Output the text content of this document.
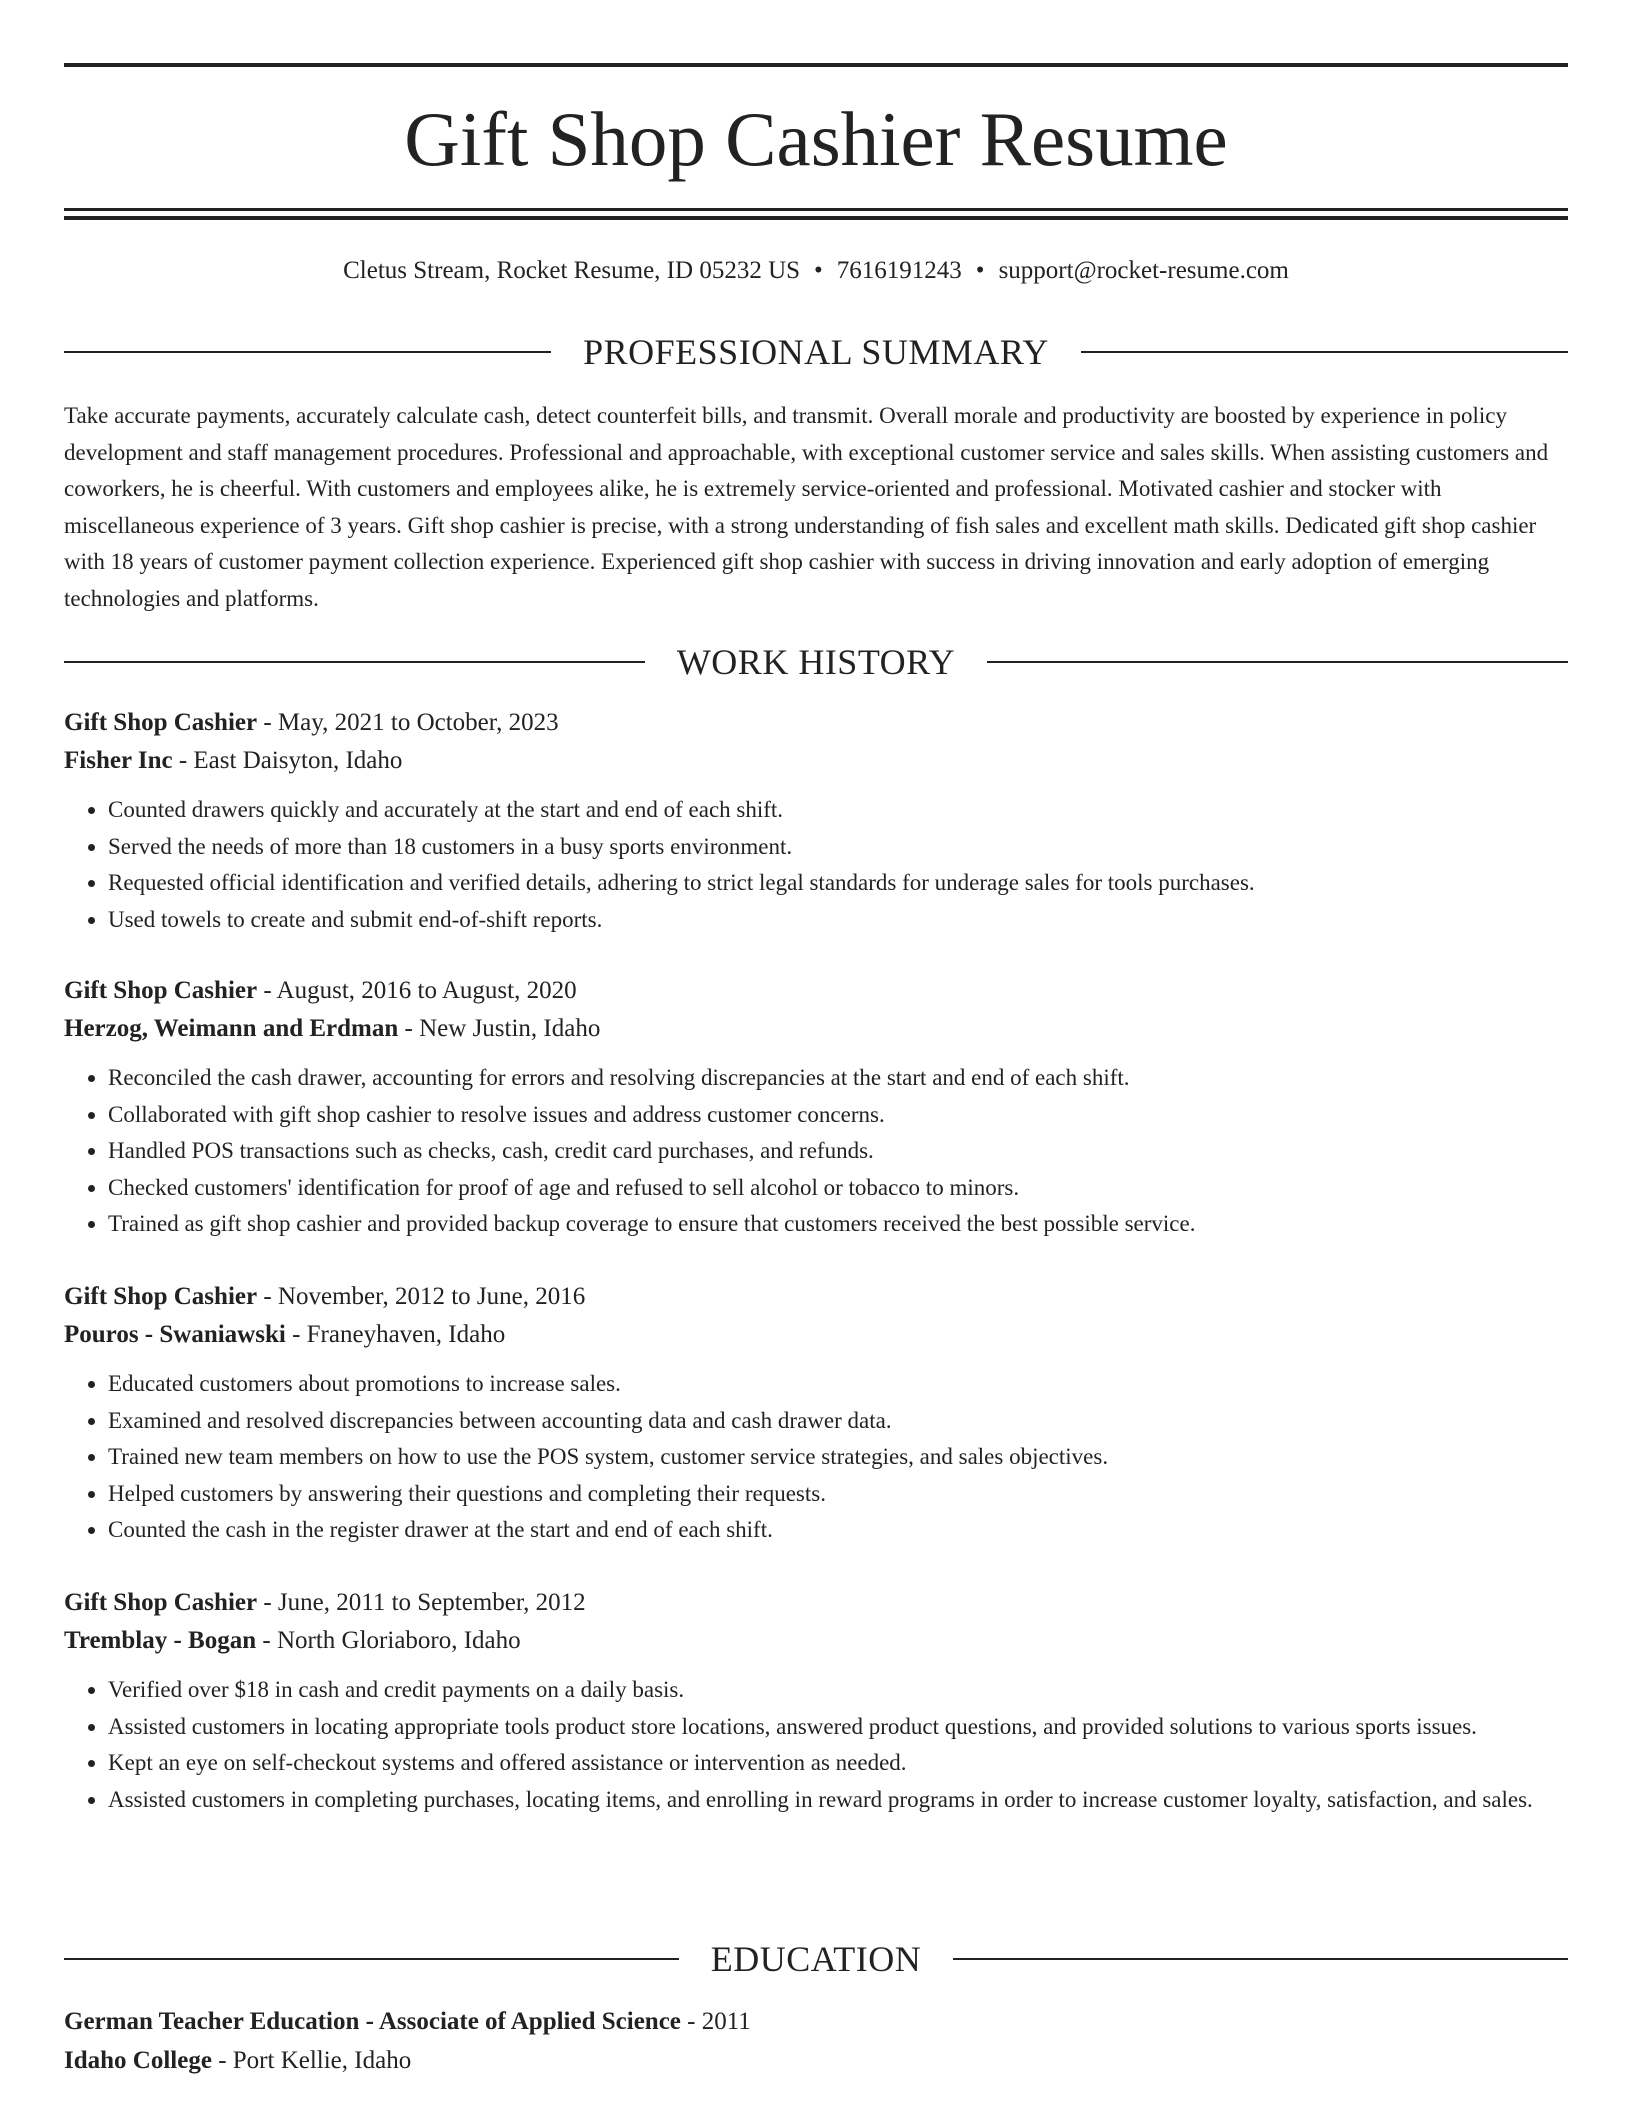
Gift Shop Cashier Resume
Cletus Stream, Rocket Resume, ID 05232 US • 7616191243 • support@rocket-resume.com
PROFESSIONAL SUMMARY

Take accurate payments, accurately calculate cash, detect counterfeit bills, and transmit. Overall morale and productivity are boosted by experience in policy development and staff management procedures. Professional and approachable, with exceptional customer service and sales skills. When assisting customers and coworkers, he is cheerful. With customers and employees alike, he is extremely service-oriented and professional. Motivated cashier and stocker with miscellaneous experience of 3 years. Gift shop cashier is precise, with a strong understanding of fish sales and excellent math skills. Dedicated gift shop cashier with 18 years of customer payment collection experience. Experienced gift shop cashier with success in driving innovation and early adoption of emerging technologies and platforms.

WORK HISTORY
Gift Shop Cashier - May, 2021 to October, 2023
Fisher Inc - East Daisyton, Idaho
• Counted drawers quickly and accurately at the start and end of each shift.
• Served the needs of more than 18 customers in a busy sports environment.
• Requested official identification and verified details, adhering to strict legal standards for underage sales for tools purchases.
• Used towels to create and submit end-of-shift reports.
Gift Shop Cashier - August, 2016 to August, 2020
Herzog, Weimann and Erdman - New Justin, Idaho
• Reconciled the cash drawer, accounting for errors and resolving discrepancies at the start and end of each shift.
• Collaborated with gift shop cashier to resolve issues and address customer concerns.
• Handled POS transactions such as checks, cash, credit card purchases, and refunds.
• Checked customers' identification for proof of age and refused to sell alcohol or tobacco to minors.
• Trained as gift shop cashier and provided backup coverage to ensure that customers received the best possible service.
Gift Shop Cashier - November, 2012 to June, 2016
Pouros - Swaniawski - Franeyhaven, Idaho
• Educated customers about promotions to increase sales.
• Examined and resolved discrepancies between accounting data and cash drawer data.
• Trained new team members on how to use the POS system, customer service strategies, and sales objectives.
• Helped customers by answering their questions and completing their requests.
• Counted the cash in the register drawer at the start and end of each shift.
Gift Shop Cashier - June, 2011 to September, 2012
Tremblay - Bogan - North Gloriaboro, Idaho
• Verified over $18 in cash and credit payments on a daily basis.
• Assisted customers in locating appropriate tools product store locations, answered product questions, and provided solutions to various sports issues.
• Kept an eye on self-checkout systems and offered assistance or intervention as needed.
• Assisted customers in completing purchases, locating items, and enrolling in reward programs in order to increase customer loyalty, satisfaction, and sales.
EDUCATION
German Teacher Education - Associate of Applied Science - 2011
Idaho College - Port Kellie, Idaho
